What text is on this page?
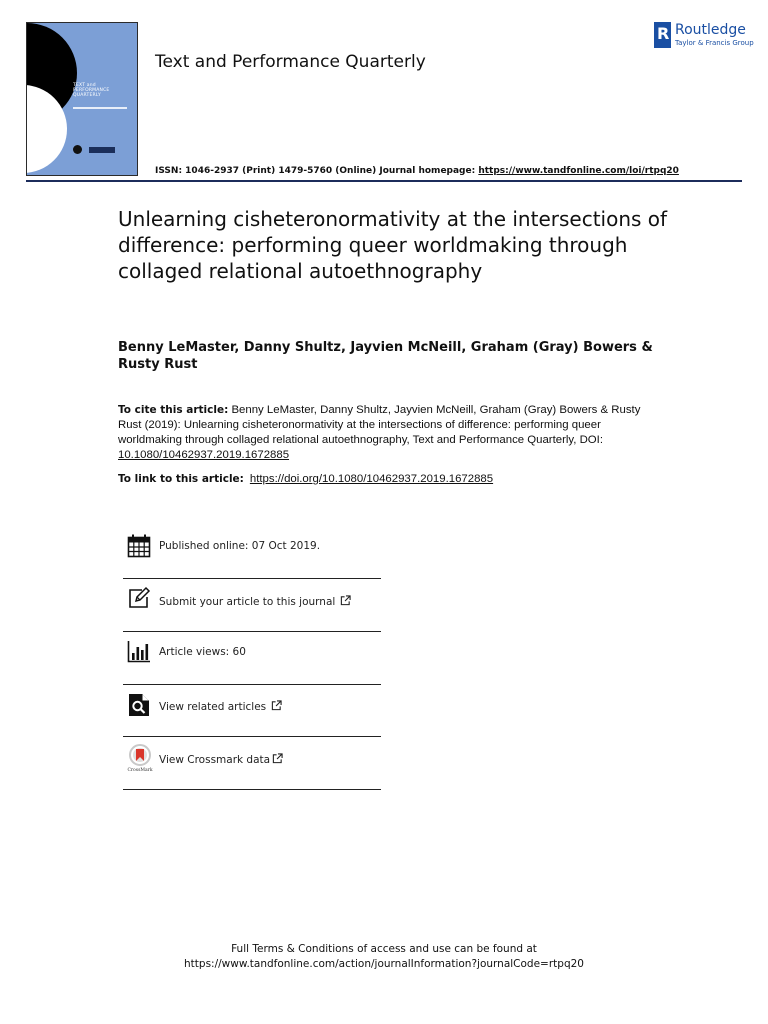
TEXT and
PERFORMANCE
QUARTERLY
Text and Performance Quarterly
R
Routledge
Taylor & Francis Group
ISSN: 1046-2937 (Print) 1479-5760 (Online) Journal homepage: https://www.tandfonline.com/loi/rtpq20
Unlearning cisheteronormativity at the intersections of difference: performing queer worldmaking through collaged relational autoethnography
Benny LeMaster, Danny Shultz, Jayvien McNeill, Graham (Gray) Bowers & Rusty Rust
To cite this article: Benny LeMaster, Danny Shultz, Jayvien McNeill, Graham (Gray) Bowers & Rusty Rust (2019): Unlearning cisheteronormativity at the intersections of difference: performing queer worldmaking through collaged relational autoethnography, Text and Performance Quarterly, DOI: 10.1080/10462937.2019.1672885
To link to this article: https://doi.org/10.1080/10462937.2019.1672885
Published online: 07 Oct 2019.
Submit your article to this journal
Article views: 60
View related articles
CrossMark
View Crossmark data
Full Terms & Conditions of access and use can be found at
https://www.tandfonline.com/action/journalInformation?journalCode=rtpq20
